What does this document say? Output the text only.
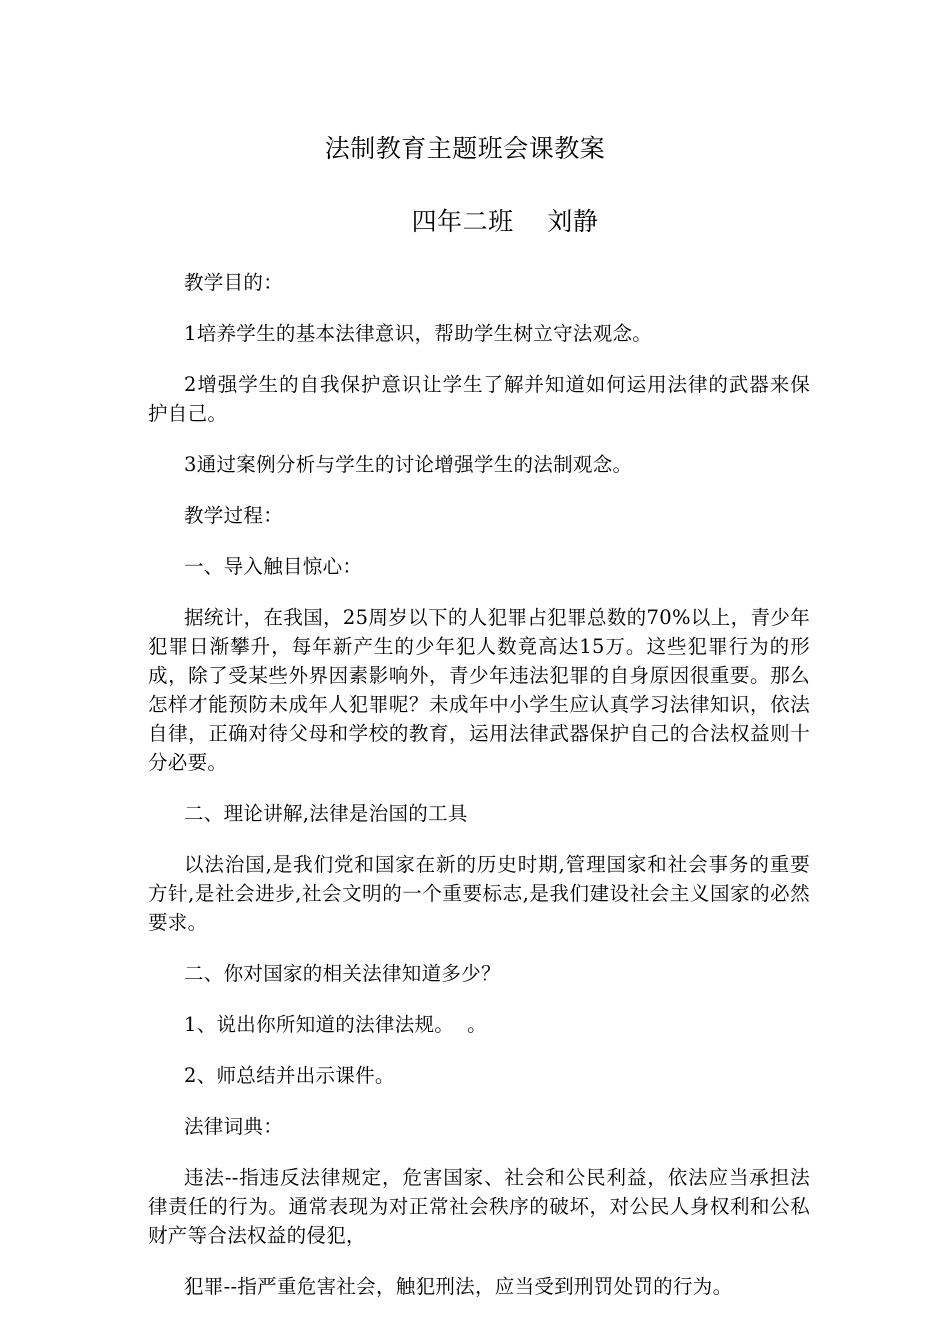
法制教育主题班会课教案
四年二班    刘静

教学目的：

1培养学生的基本法律意识，帮助学生树立守法观念。

2增强学生的自我保护意识让学生了解并知道如何运用法律的武器来保护自己。

3通过案例分析与学生的讨论增强学生的法制观念。

教学过程：

一、导入触目惊心：

据统计，在我国，25周岁以下的人犯罪占犯罪总数的70%以上，青少年犯罪日渐攀升，每年新产生的少年犯人数竟高达15万。这些犯罪行为的形成，除了受某些外界因素影响外，青少年违法犯罪的自身原因很重要。那么怎样才能预防未成年人犯罪呢？未成年中小学生应认真学习法律知识，依法自律，正确对待父母和学校的教育，运用法律武器保护自己的合法权益则十分必要。

二、理论讲解,法律是治国的工具

以法治国,是我们党和国家在新的历史时期,管理国家和社会事务的重要方针,是社会进步,社会文明的一个重要标志,是我们建设社会主义国家的必然要求。

二、你对国家的相关法律知道多少？

1、说出你所知道的法律法规。  。

2、师总结并出示课件。

法律词典：

违法--指违反法律规定，危害国家、社会和公民利益，依法应当承担法律责任的行为。通常表现为对正常社会秩序的破坏，对公民人身权利和公私财产等合法权益的侵犯，

犯罪--指严重危害社会，触犯刑法，应当受到刑罚处罚的行为。
